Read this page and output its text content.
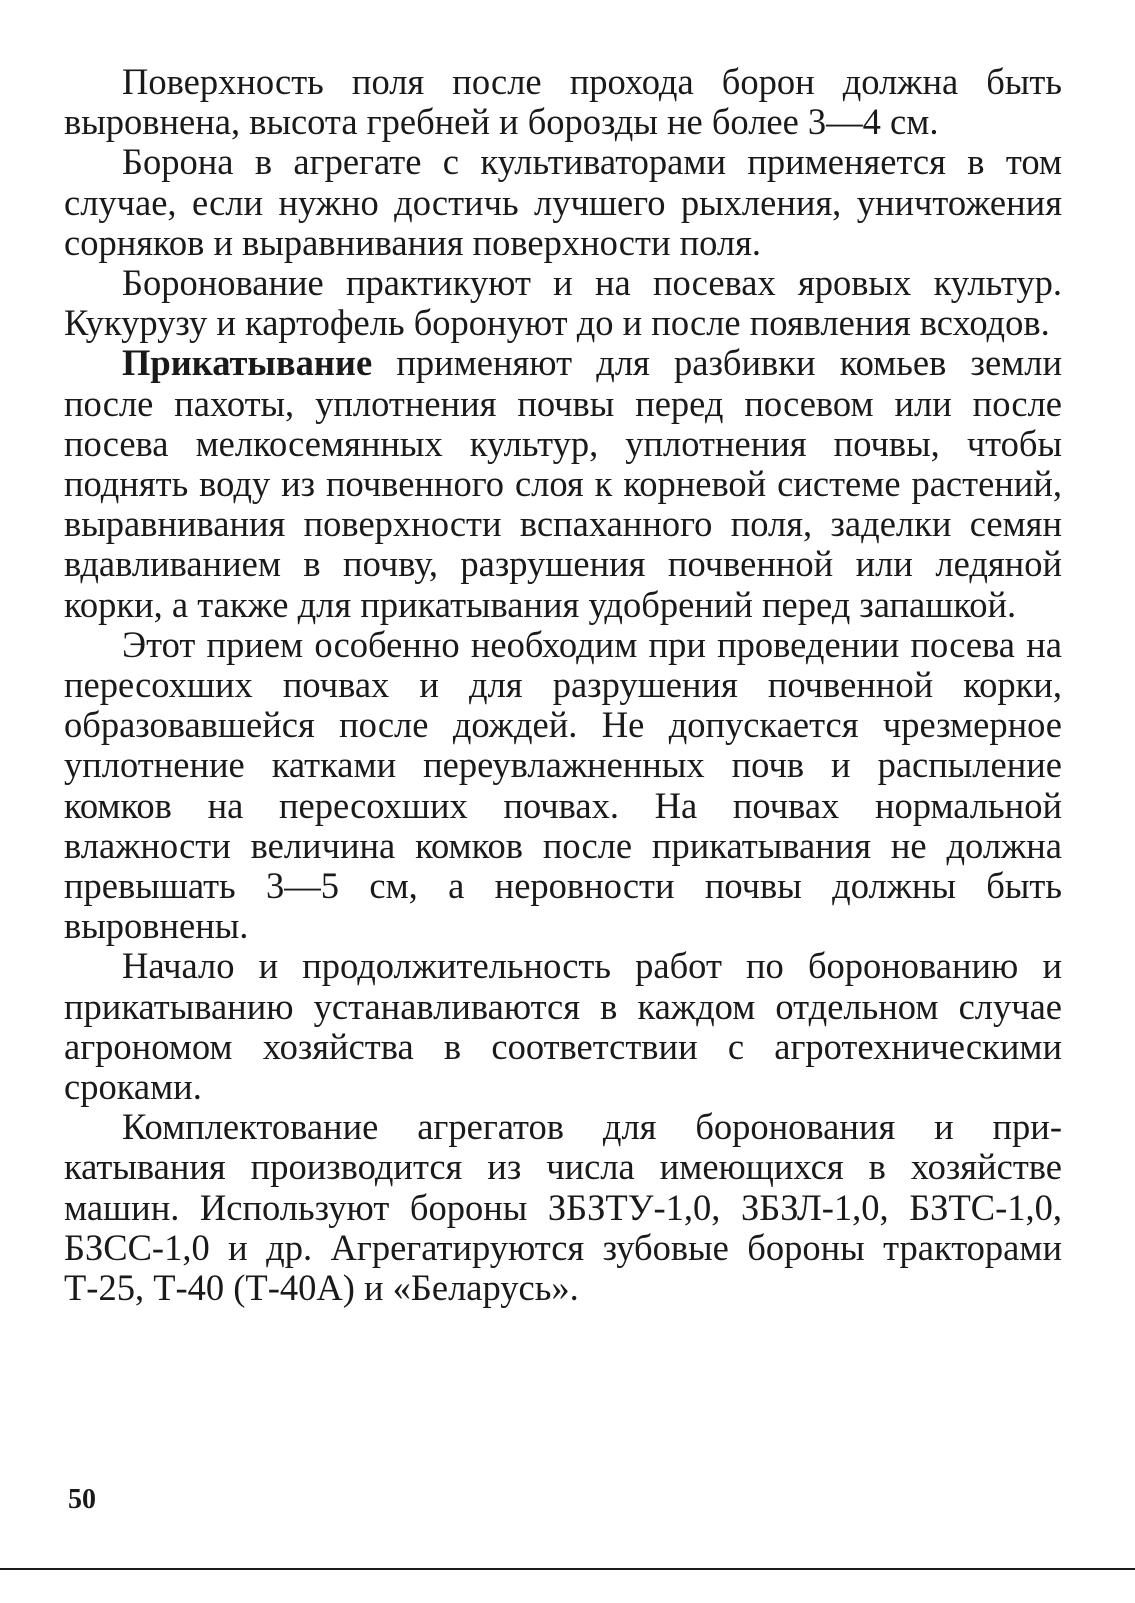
Поверхность поля после прохода борон должна быть выровнена, высота гребней и борозды не более 3—4 см.

Борона в агрегате с культиваторами применяется в том случае, если нужно достичь лучшего рыхления, уничтожения сорняков и выравнивания поверхности поля.

Боронование практикуют и на посевах яровых культур. Кукурузу и картофель боронуют до и после появления всходов.

Прикатывание применяют для разбивки комьев земли после пахоты, уплотнения почвы перед посевом или после посева мелкосемянных культур, уплотнения почвы, чтобы поднять воду из почвенного слоя к корневой системе растений, выравнивания поверхности вспаханного поля, заделки семян вдавливанием в почву, разрушения почвенной или ледяной корки, а также для прикатывания удобрений перед запашкой.

Этот прием особенно необходим при проведении посева на пересохших почвах и для разрушения почвенной корки, образовавшейся после дождей. Не допускается чрезмерное уплотнение катками переувлажненных почв и распыление комков на пересохших почвах. На почвах нормальной влажности величина комков после прикатывания не должна превышать 3—5 см, а неровности почвы должны быть выровнены.

Начало и продолжительность работ по боронованию и прикатыванию устанавливаются в каждом отдельном случае агрономом хозяйства в соответствии с агротехническими сроками.

Комплектование агрегатов для боронования и прикатывания производится из числа имеющихся в хозяйстве машин. Используют бороны ЗБЗТУ-1,0, ЗБЗЛ-1,0, БЗТС-1,0, БЗСС-1,0 и др. Агрегатируются зубовые бороны тракторами Т-25, Т-40 (Т-40А) и «Беларусь».

50
